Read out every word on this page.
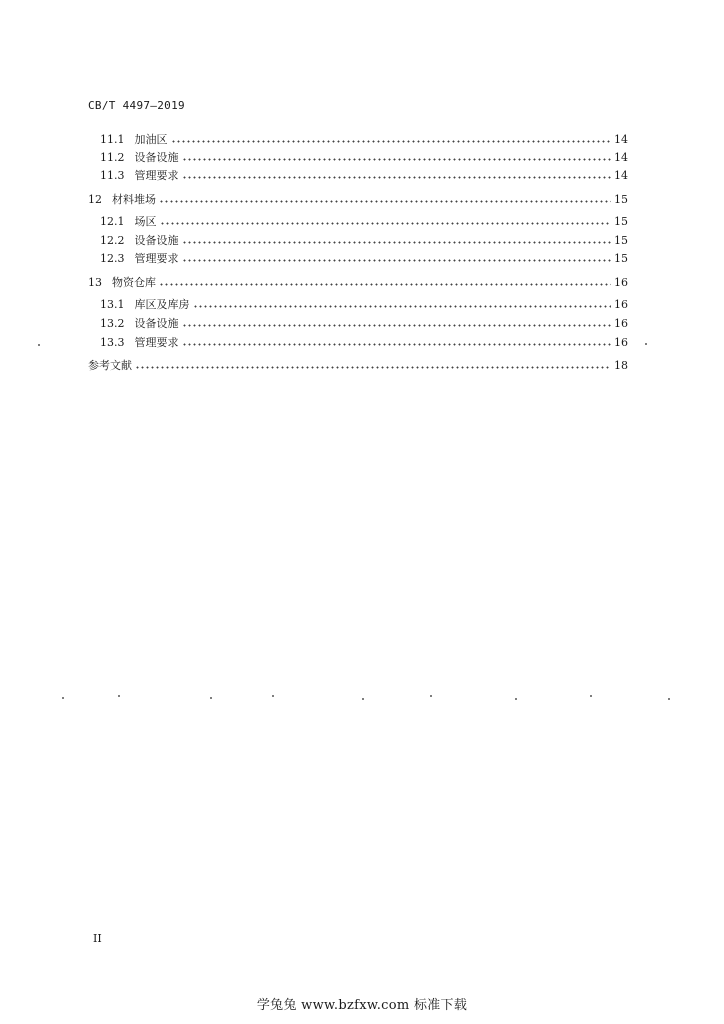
CB/T 4497—2019
11.1 加油区	14
11.2 设备设施	14
11.3 管理要求	14
12 材料堆场	15
12.1 场区	15
12.2 设备设施	15
12.3 管理要求	15
13 物资仓库	16
13.1 库区及库房	16
13.2 设备设施	16
13.3 管理要求	16
参考文献	18
II
学兔兔 www.bzfxw.com 标准下载
